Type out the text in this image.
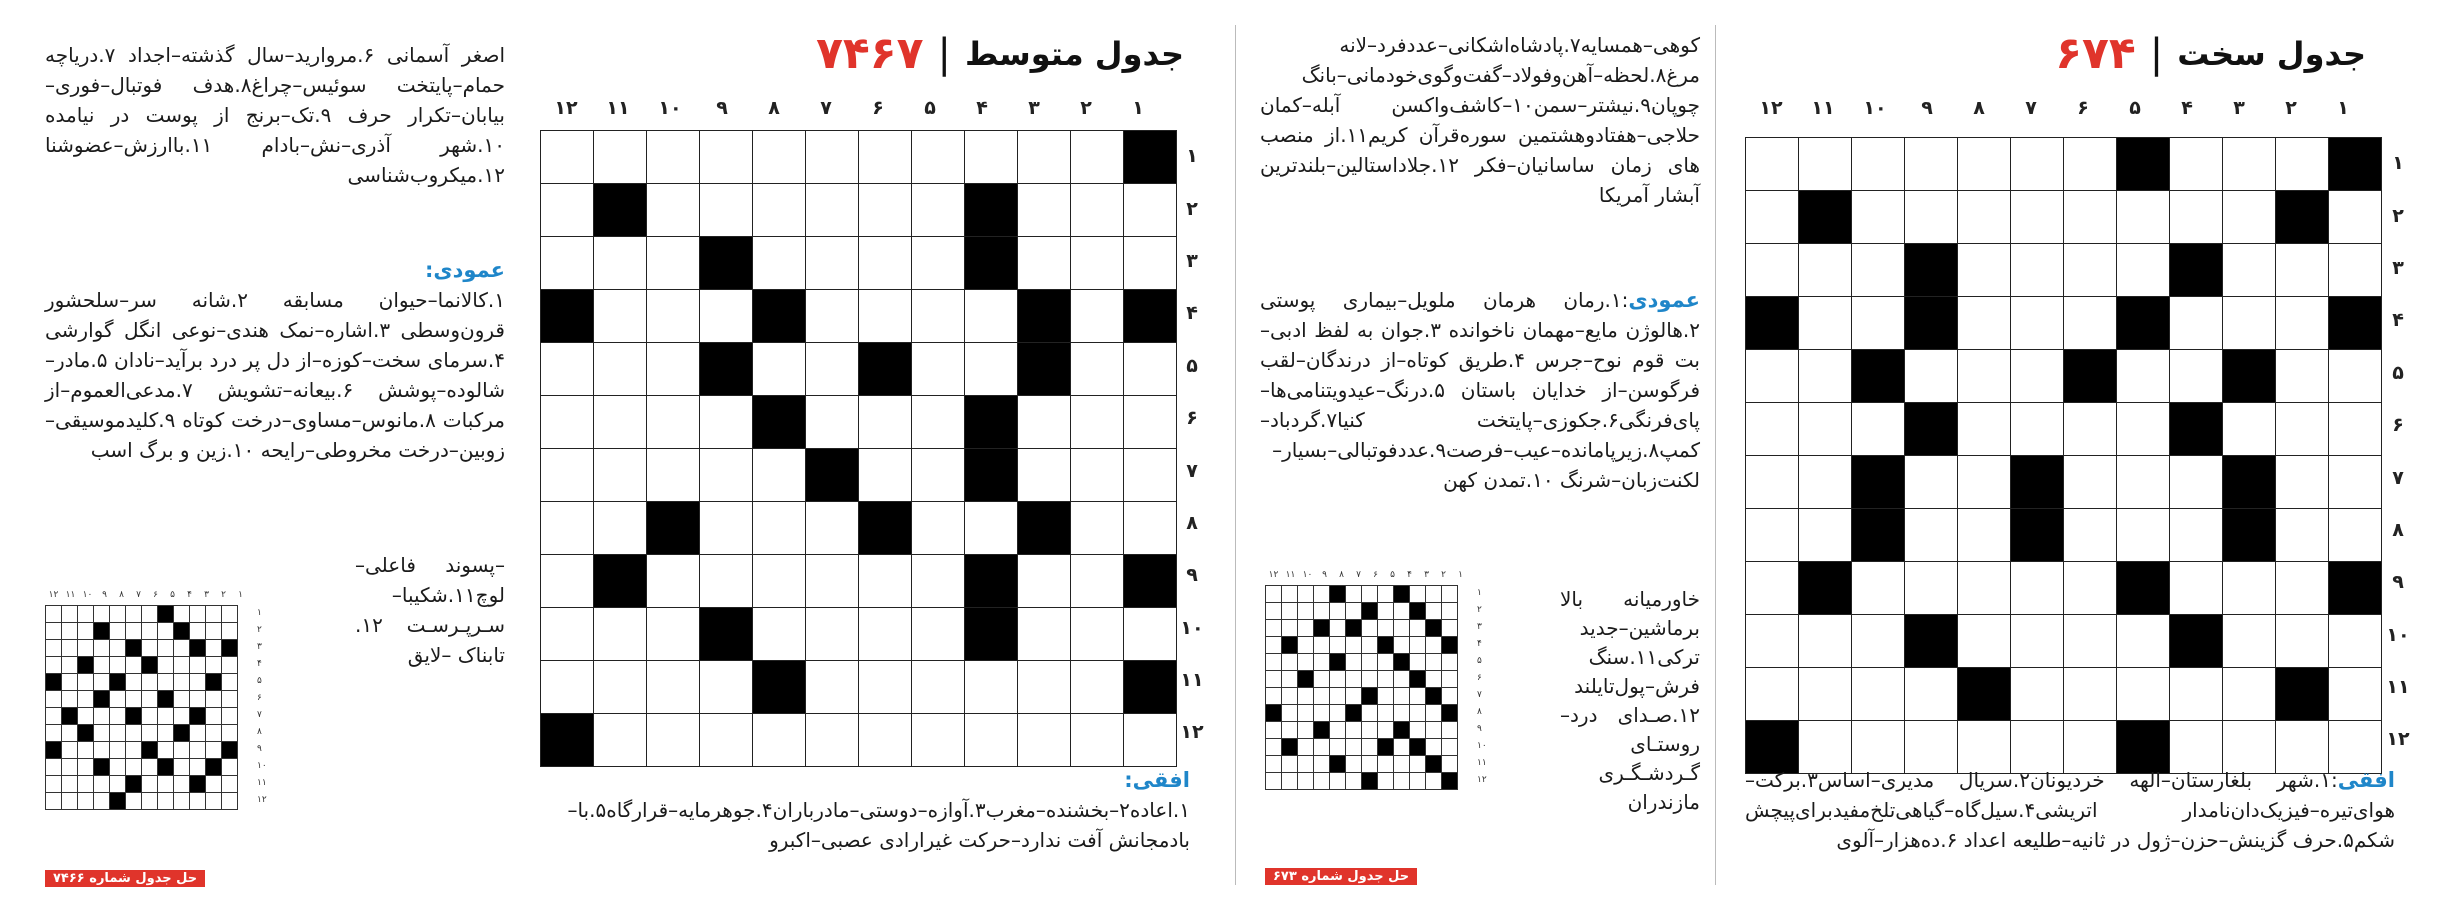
جدول سخت
|
۶۷۴
۱
۲
۳
۴
۵
۶
۷
۸
۹
۱۰
۱۱
۱۲
۱
۲
۳
۴
۵
۶
۷
۸
۹
۱۰
۱۱
۱۲

افقی:۱.شهر بلغارستان–الهه خردیونان۲.سریال مدیری–اساس۳.برکت–هوای‌تیره–فیزیک‌دان‌نامدار اتریشی۴.سیل‌گاه–گیاهی‌تلخ‌مفیدبرای‌پیچش شکم۵.حرف گزینش–حزن–ژول در ثانیه–طلیعه اعداد ۶.ده‌هزار–آلوی
کوهی–همسایه۷.پادشاه‌اشکانی–عددفرد–لانه مرغ۸.لحظه–آهن‌وفولاد–گفت‌وگوی‌خودمانی–بانگ چوپان۹.نیشتر–سمن۱۰–کاشف‌واکسن آبله–کمان حلاجی–هفتادوهشتمین سوره‌قرآن کریم۱۱.از منصب های زمان ساسانیان–فکر ۱۲.جلاداستالین–بلندترین آبشار آمریکا
عمودی:۱.رمان هرمان ملویل–بیماری پوستی ۲.هالوژن مایع–مهمان ناخوانده ۳.جوان به لفظ ادبی–بت قوم نوح–جرس ۴.طریق کوتاه–از درندگان–لقب فرگوسن–از خدایان باستان ۵.درنگ–عیدویتنامی‌ها–پای‌فرنگی۶.جکوزی–پایتخت کنیا۷.گردباد–کمپ۸.زیرپامانده–عیب–فرصت۹.عددفوتبالی–بسیار–لکنت‌زبان–شرنگ ۱۰.تمدن کهن
خاورمیانه بالا برماشین–جدید ترکی۱۱.سنگ فرش–پول‌تایلند ۱۲.صـدای درد–روستـای گـردشـگـری مازندران
۱
۲
۳
۴
۵
۶
۷
۸
۹
۱۰
۱۱
۱۲

۱
۲
۳
۴
۵
۶
۷
۸
۹
۱۰
۱۱
۱۲
حل جدول شماره ۶۷۳
جدول متوسط
|
۷۴۶۷
۱
۲
۳
۴
۵
۶
۷
۸
۹
۱۰
۱۱
۱۲
۱
۲
۳
۴
۵
۶
۷
۸
۹
۱۰
۱۱
۱۲

افقی:
۱.اعاده۲–بخشنده–مغرب۳.آوازه–دوستی–مادرباران۴.جوهرمایه–قرارگاه۵.با–بادمجانش آفت ندارد–حرکت غیرارادی عصبی–اکبرو
اصغر آسمانی ۶.مروارید–سال گذشته–اجداد ۷.دریاچه حمام–پایتخت سوئیس–چراغ۸.هدف فوتبال–فوری–بیابان–تکرار حرف ۹.تک–برنج از پوست در نیامده ۱۰.شهر آذری–نش–بادام ۱۱.باارزش–عضوشنا ۱۲.میکروب‌شناسی
عمودی:
۱.کالانما–حیوان مسابقه ۲.شانه سر–سلحشور قرون‌وسطی ۳.اشاره–نمک هندی–نوعی انگل گوارشی ۴.سرمای سخت–کوزه–از دل پر درد برآید–نادان ۵.مادر–شالوده–پوشش ۶.بیعانه–تشویش ۷.مدعی‌العموم–از مرکبات ۸.مانوس–مساوی–درخت کوتاه ۹.کلیدموسیقی–زوبین–درخت مخروطی–رایحه ۱۰.زین و برگ اسب
–پسوند فاعلی–لوچ۱۱.شکیبا–سـرپـرسـت ۱۲. تابناک –لایق
۱
۲
۳
۴
۵
۶
۷
۸
۹
۱۰
۱۱
۱۲

۱
۲
۳
۴
۵
۶
۷
۸
۹
۱۰
۱۱
۱۲
حل جدول شماره ۷۴۶۶
